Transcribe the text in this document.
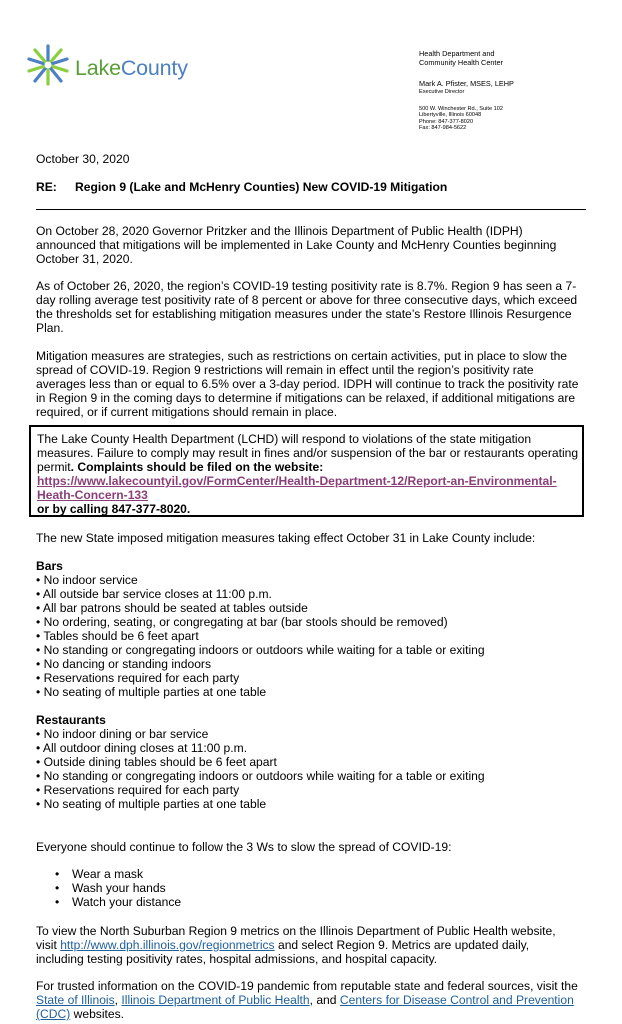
LakeCounty
Health Department and
Community Health Center
Mark A. Pfister, MSES, LEHP
Executive Director
500 W. Winchester Rd., Suite 102
Libertyville, Illinois 60048
Phone: 847-377-8020
Fax: 847-984-5622
October 30, 2020
RE: Region 9 (Lake and McHenry Counties) New COVID-19 Mitigation
On October 28, 2020 Governor Pritzker and the Illinois Department of Public Health (IDPH)
announced that mitigations will be implemented in Lake County and McHenry Counties beginning
October 31, 2020.
As of October 26, 2020, the region’s COVID-19 testing positivity rate is 8.7%. Region 9 has seen a 7-
day rolling average test positivity rate of 8 percent or above for three consecutive days, which exceed
the thresholds set for establishing mitigation measures under the state’s Restore Illinois Resurgence
Plan.
Mitigation measures are strategies, such as restrictions on certain activities, put in place to slow the
spread of COVID-19. Region 9 restrictions will remain in effect until the region’s positivity rate
averages less than or equal to 6.5% over a 3-day period. IDPH will continue to track the positivity rate
in Region 9 in the coming days to determine if mitigations can be relaxed, if additional mitigations are
required, or if current mitigations should remain in place.
The Lake County Health Department (LCHD) will respond to violations of the state mitigation
measures. Failure to comply may result in fines and/or suspension of the bar or restaurants operating
permit. Complaints should be filed on the website:
https://www.lakecountyil.gov/FormCenter/Health-Department-12/Report-an-Environmental-
Heath-Concern-133
or by calling 847-377-8020.
The new State imposed mitigation measures taking effect October 31 in Lake County include:
Bars
• No indoor service
• All outside bar service closes at 11:00 p.m.
• All bar patrons should be seated at tables outside
• No ordering, seating, or congregating at bar (bar stools should be removed)
• Tables should be 6 feet apart
• No standing or congregating indoors or outdoors while waiting for a table or exiting
• No dancing or standing indoors
• Reservations required for each party
• No seating of multiple parties at one table
Restaurants
• No indoor dining or bar service
• All outdoor dining closes at 11:00 p.m.
• Outside dining tables should be 6 feet apart
• No standing or congregating indoors or outdoors while waiting for a table or exiting
• Reservations required for each party
• No seating of multiple parties at one table
Everyone should continue to follow the 3 Ws to slow the spread of COVID-19:
• Wear a mask
• Wash your hands
• Watch your distance
To view the North Suburban Region 9 metrics on the Illinois Department of Public Health website,
visit http://www.dph.illinois.gov/regionmetrics and select Region 9. Metrics are updated daily,
including testing positivity rates, hospital admissions, and hospital capacity.
For trusted information on the COVID-19 pandemic from reputable state and federal sources, visit the
State of Illinois, Illinois Department of Public Health, and Centers for Disease Control and Prevention
(CDC) websites.
